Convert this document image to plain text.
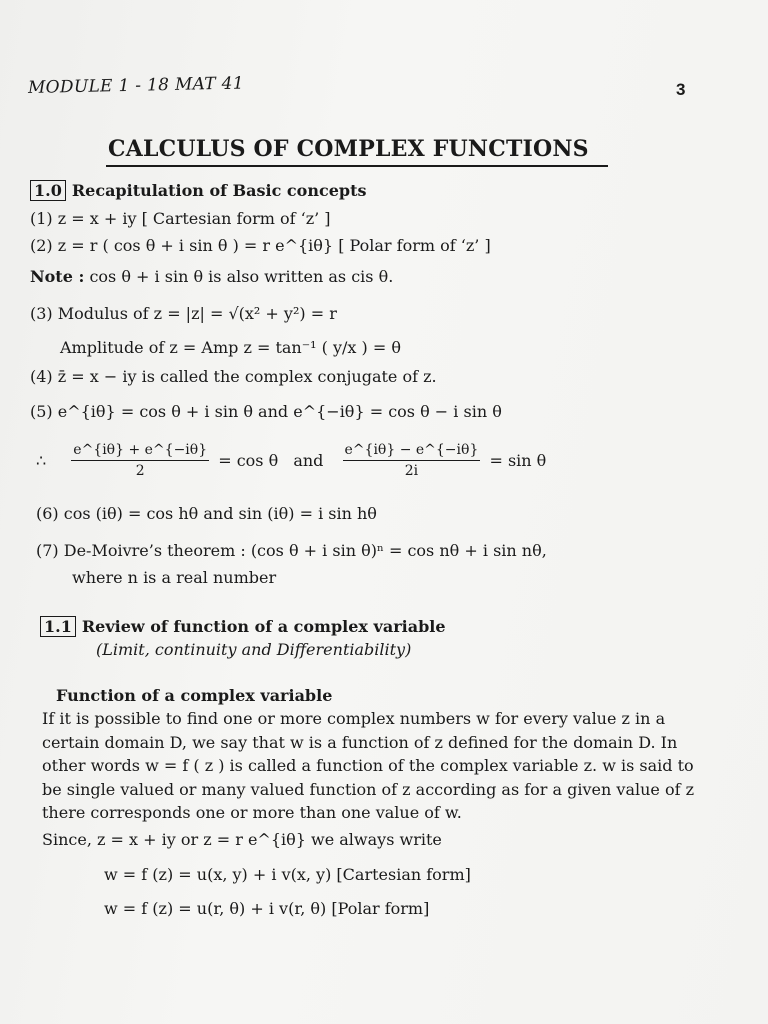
MODULE 1 - 18 MAT 41	3
CALCULUS OF COMPLEX FUNCTIONS
1.0 Recapitulation of Basic concepts
(1) z = x + iy [ Cartesian form of ‘z’ ]
(2) z = r ( cos θ + i sin θ ) = r e^{iθ} [ Polar form of ‘z’ ]
Note : cos θ + i sin θ is also written as cis θ.
(3) Modulus of z = |z| = √(x² + y²) = r
Amplitude of z = Amp z = tan⁻¹ ( y/x ) = θ
(4) z̄ = x − iy is called the complex conjugate of z.
(5) e^{iθ} = cos θ + i sin θ and e^{−iθ} = cos θ − i sin θ
∴ $\frac{e\^{}\{i\theta\} + e\^{}\{-i\theta\}}{2} = \cos \theta$ and $\frac{e\^{}\{i\theta\} - e\^{}\{-i\theta\}}{2i} = \sin \theta$
(6) cos (iθ) = cos hθ and sin (iθ) = i sin hθ
(7) De-Moivre’s theorem : (cos θ + i sin θ)ⁿ = cos nθ + i sin nθ,
where n is a real number
1.1 Review of function of a complex variable
(Limit, continuity and Differentiability)
Function of a complex variable
If it is possible to find one or more complex numbers w for every value z in a certain domain D, we say that w is a function of z defined for the domain D. In other words w = f ( z ) is called a function of the complex variable z. w is said to be single valued or many valued function of z according as for a given value of z there corresponds one or more than one value of w.
Since, z = x + iy or z = r e^{iθ} we always write
w = f (z) = u(x, y) + i v(x, y) [Cartesian form]
w = f (z) = u(r, θ) + i v(r, θ) [Polar form]
